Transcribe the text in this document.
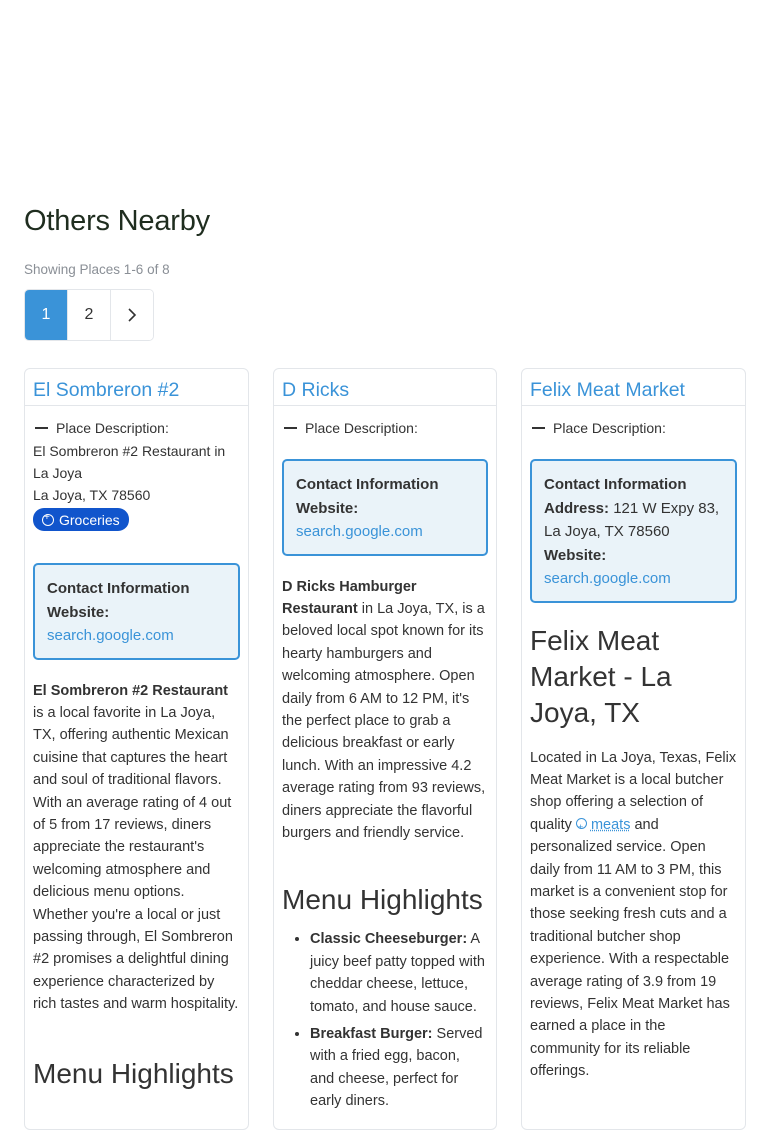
Others Nearby
Showing Places 1-6 of 8
1	2
El Sombreron #2
Place Description:
El Sombreron #2 Restaurant in La Joya
La Joya, TX 78560
+
Groceries
Contact Information
Website:
search.google.com

El Sombreron #2 Restaurant is a local favorite in La Joya, TX, offering authentic Mexican cuisine that captures the heart and soul of traditional flavors. With an average rating of 4 out of 5 from 17 reviews, diners appreciate the restaurant's welcoming atmosphere and delicious menu options. Whether you're a local or just passing through, El Sombreron #2 promises a delightful dining experience characterized by rich tastes and warm hospitality.

Menu Highlights
D Ricks
Place Description:
Contact Information
Website:
search.google.com

D Ricks Hamburger Restaurant in La Joya, TX, is a beloved local spot known for its hearty hamburgers and welcoming atmosphere. Open daily from 6 AM to 12 PM, it's the perfect place to grab a delicious breakfast or early lunch. With an impressive 4.2 average rating from 93 reviews, diners appreciate the flavorful burgers and friendly service.

Menu Highlights
• Classic Cheeseburger: A juicy beef patty topped with cheddar cheese, lettuce, tomato, and house sauce.
• Breakfast Burger: Served with a fried egg, bacon, and cheese, perfect for early diners.
Felix Meat Market
Place Description:
Contact Information
Address: 121 W Expy 83, La Joya, TX 78560
Website:
search.google.com
Felix Meat Market - La Joya, TX

Located in La Joya, Texas, Felix Meat Market is a local butcher shop offering a selection of quality +meats and personalized service. Open daily from 11 AM to 3 PM, this market is a convenient stop for those seeking fresh cuts and a traditional butcher shop experience. With a respectable average rating of 3.9 from 19 reviews, Felix Meat Market has earned a place in the community for its reliable offerings.
